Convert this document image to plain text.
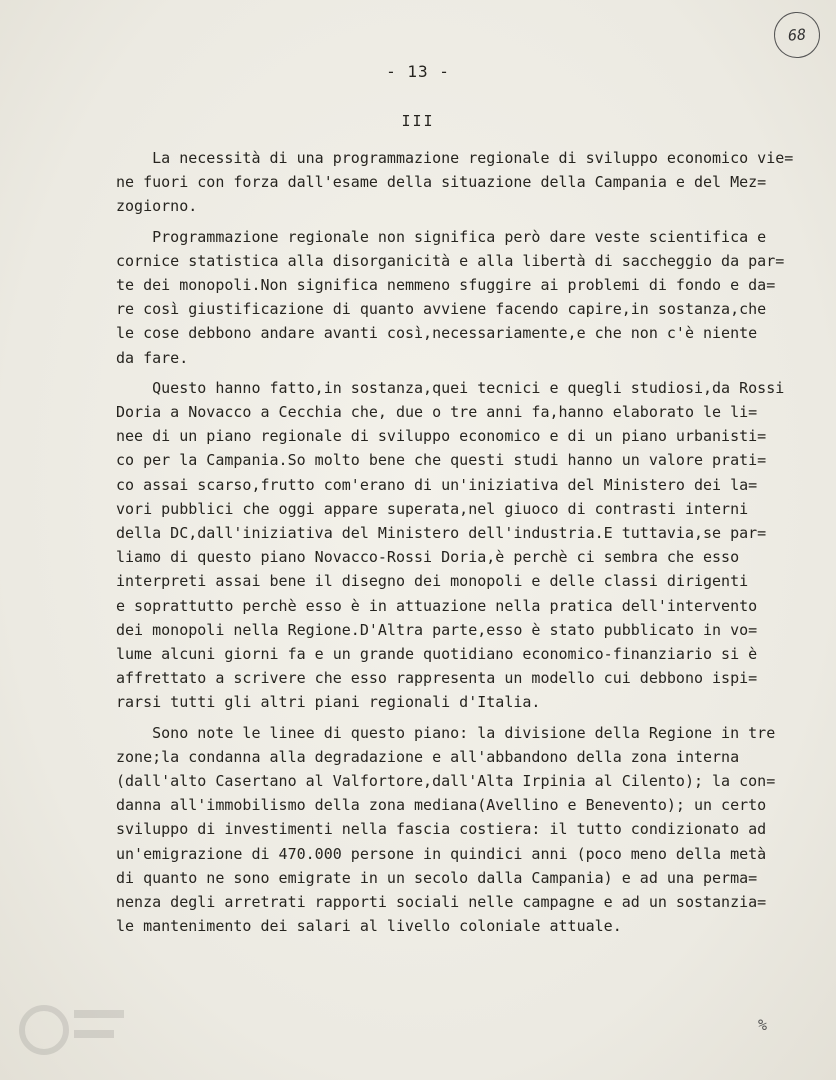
68
- 13 -
III
La necessità di una programmazione regionale di sviluppo economico vie=
ne fuori con forza dall'esame della situazione della Campania e del Mez=
zogiorno.
Programmazione regionale non significa però dare veste scientifica e
cornice statistica alla disorganicità e alla libertà di saccheggio da par=
te dei monopoli.Non significa nemmeno sfuggire ai problemi di fondo e da=
re così giustificazione di quanto avviene facendo capire,in sostanza,che
le cose debbono andare avanti così,necessariamente,e che non c'è niente
da fare.
Questo hanno fatto,in sostanza,quei tecnici e quegli studiosi,da Rossi
Doria a Novacco a Cecchia che, due o tre anni fa,hanno elaborato le li=
nee di un piano regionale di sviluppo economico e di un piano urbanisti=
co per la Campania.So molto bene che questi studi hanno un valore prati=
co assai scarso,frutto com'erano di un'iniziativa del Ministero dei la=
vori pubblici che oggi appare superata,nel giuoco di contrasti interni
della DC,dall'iniziativa del Ministero dell'industria.E tuttavia,se par=
liamo di questo piano Novacco-Rossi Doria,è perchè ci sembra che esso
interpreti assai bene il disegno dei monopoli e delle classi dirigenti
e soprattutto perchè esso è in attuazione nella pratica dell'intervento
dei monopoli nella Regione.D'Altra parte,esso è stato pubblicato in vo=
lume alcuni giorni fa e un grande quotidiano economico-finanziario si è
affrettato a scrivere che esso rappresenta un modello cui debbono ispi=
rarsi tutti gli altri piani regionali d'Italia.
Sono note le linee di questo piano: la divisione della Regione in tre
zone;la condanna alla degradazione e all'abbandono della zona interna
(dall'alto Casertano al Valfortore,dall'Alta Irpinia al Cilento); la con=
danna all'immobilismo della zona mediana(Avellino e Benevento); un certo
sviluppo di investimenti nella fascia costiera: il tutto condizionato ad
un'emigrazione di 470.000 persone in quindici anni (poco meno della metà
di quanto ne sono emigrate in un secolo dalla Campania) e ad una perma=
nenza degli arretrati rapporti sociali nelle campagne e ad un sostanzia=
le mantenimento dei salari al livello coloniale attuale.
%
